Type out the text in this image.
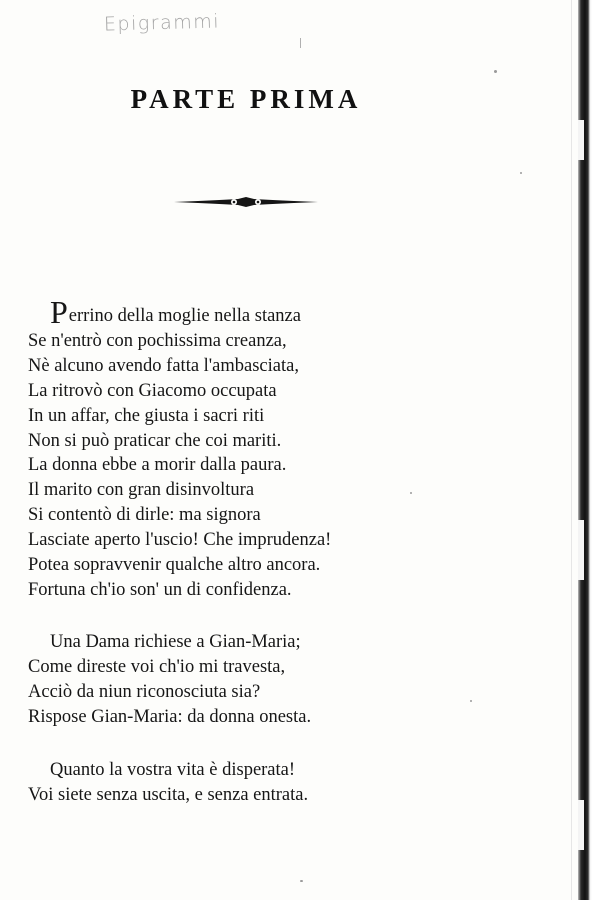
Epigrammi
PARTE PRIMA
Perrino della moglie nella stanza
Se n'entrò con pochissima creanza,
Nè alcuno avendo fatta l'ambasciata,
La ritrovò con Giacomo occupata
In un affar, che giusta i sacri riti
Non si può praticar che coi mariti.
La donna ebbe a morir dalla paura.
Il marito con gran disinvoltura
Si contentò di dirle: ma signora
Lasciate aperto l'uscio! Che imprudenza!
Potea sopravvenir qualche altro ancora.
Fortuna ch'io son' un di confidenza.
Una Dama richiese a Gian-Maria;
Come direste voi ch'io mi travesta,
Acciò da niun riconosciuta sia?
Rispose Gian-Maria: da donna onesta.
Quanto la vostra vita è disperata!
Voi siete senza uscita, e senza entrata.
